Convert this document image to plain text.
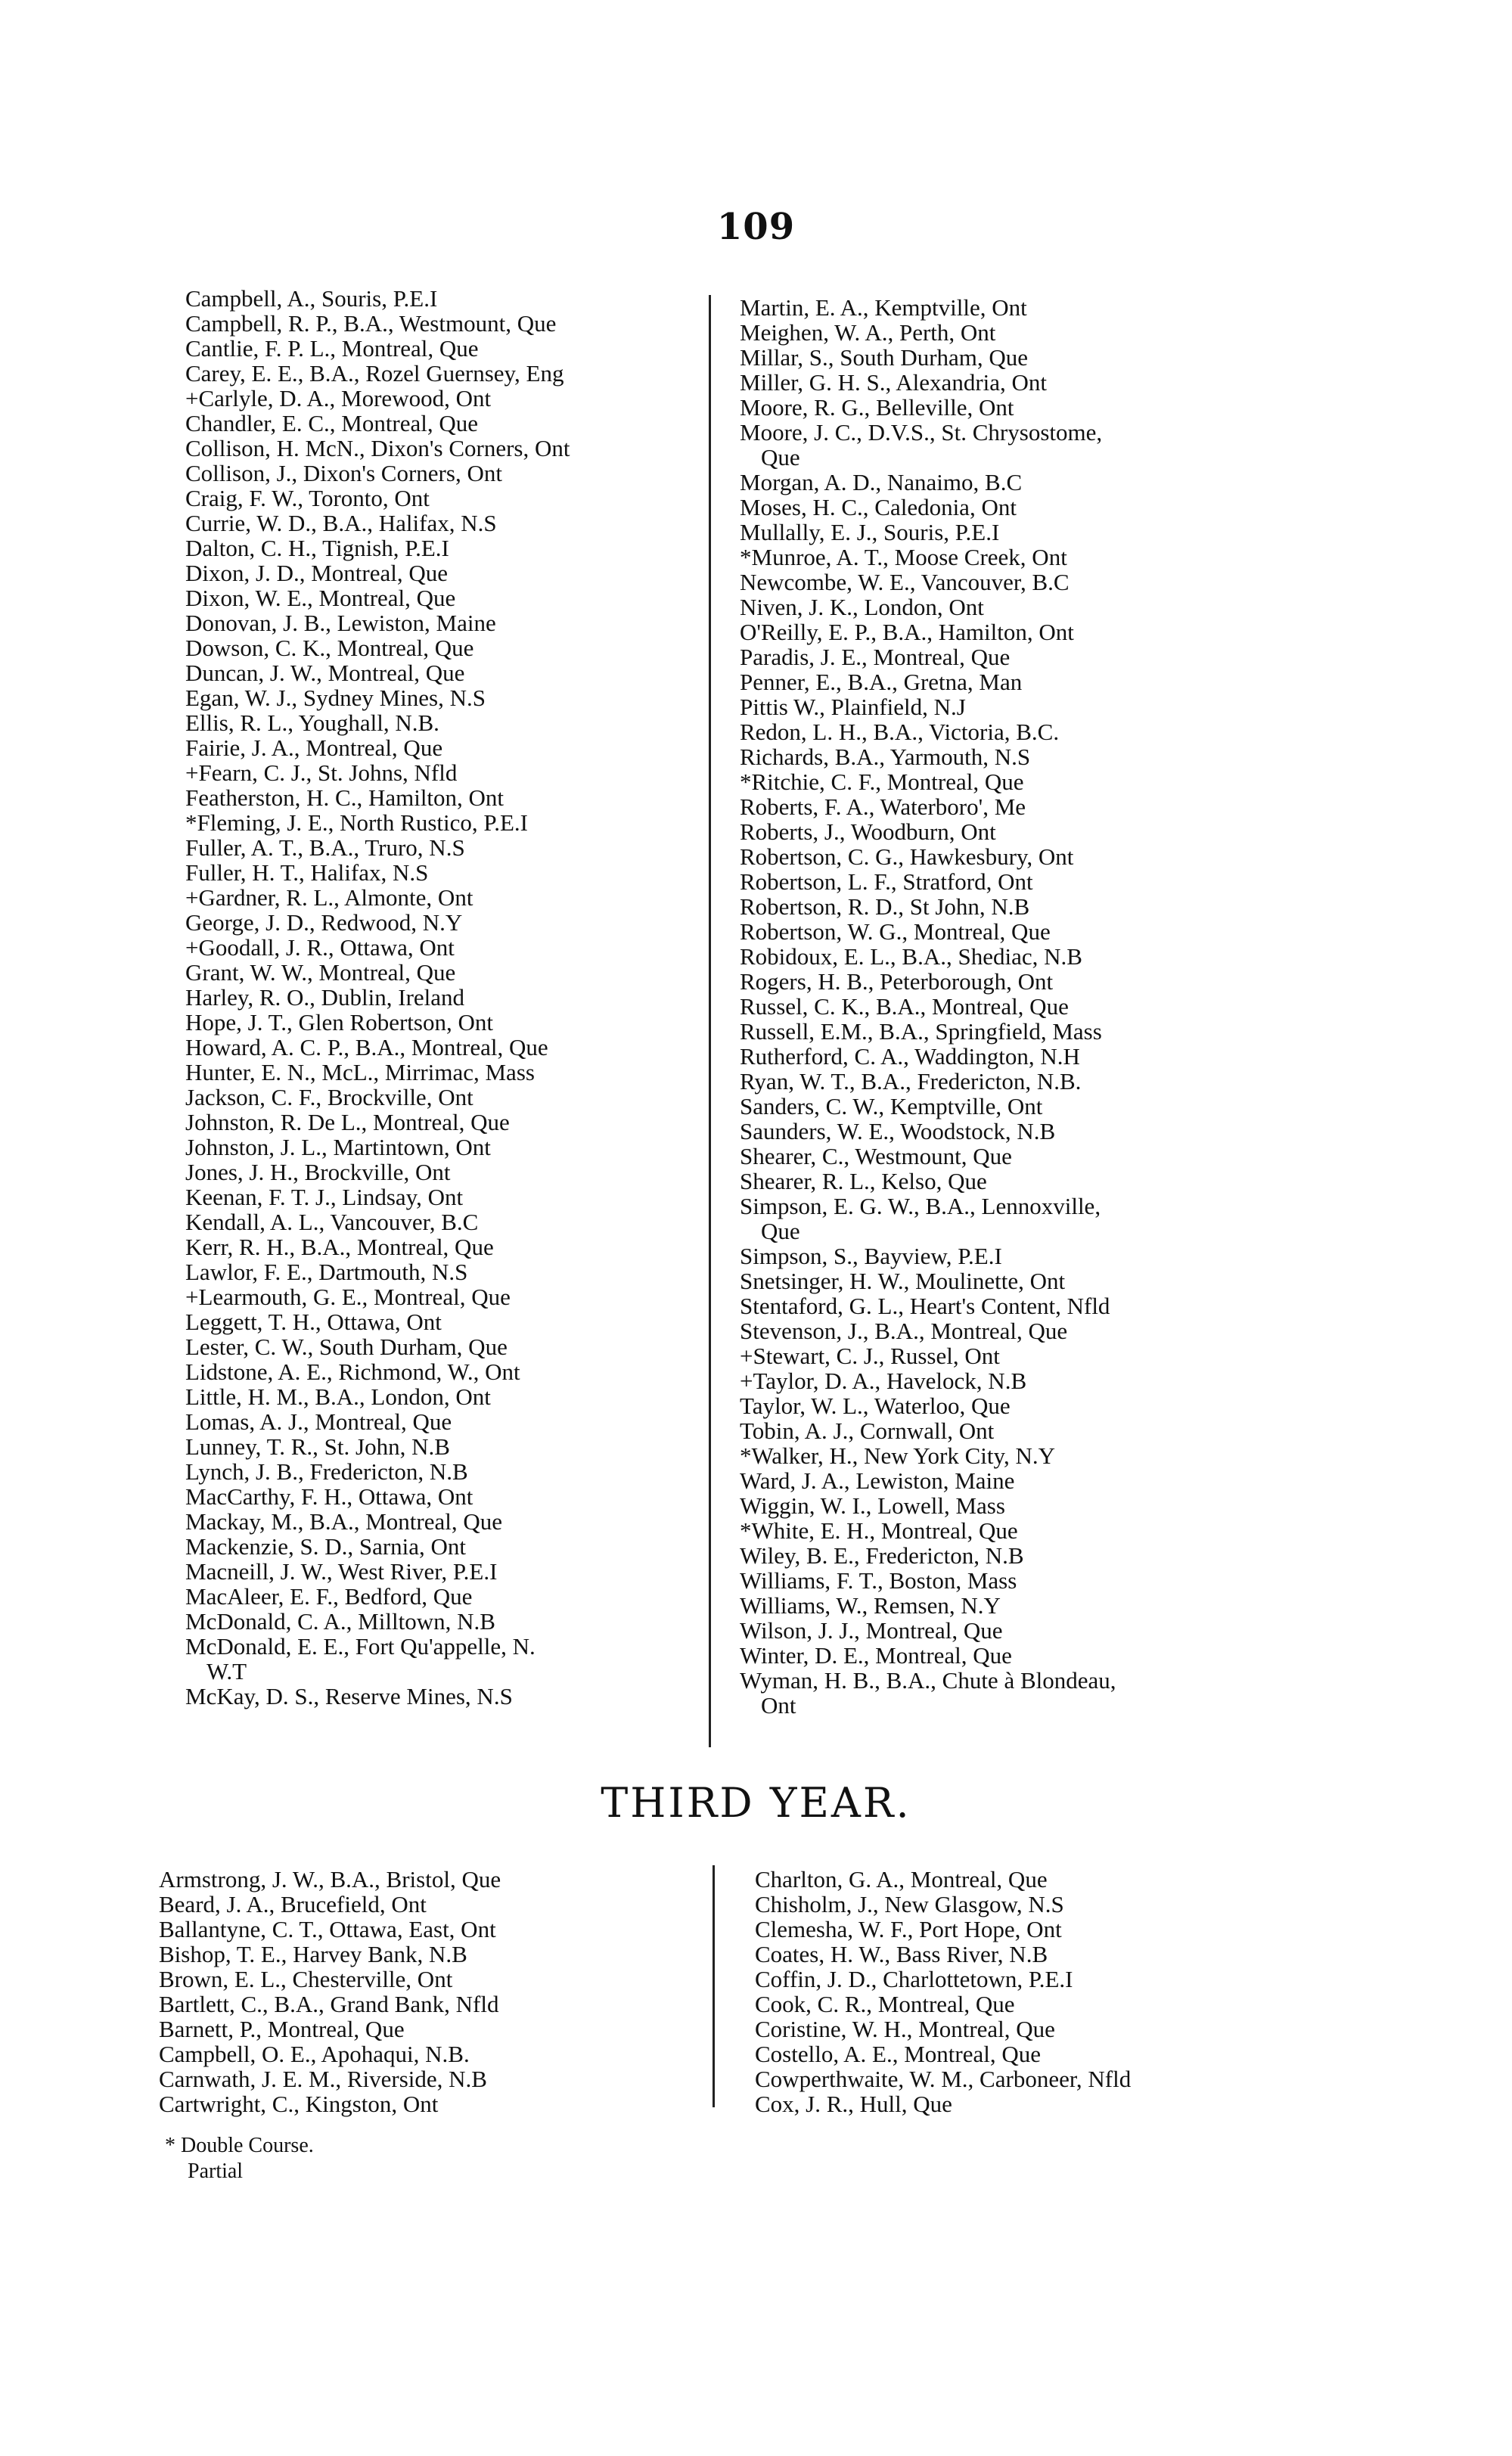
109
Campbell, A., Souris, P.E.I
Campbell, R. P., B.A., Westmount, Que
Cantlie, F. P. L., Montreal, Que
Carey, E. E., B.A., Rozel Guernsey, Eng
+Carlyle, D. A., Morewood, Ont
Chandler, E. C., Montreal, Que
Collison, H. McN., Dixon's Corners, Ont
Collison, J., Dixon's Corners, Ont
Craig, F. W., Toronto, Ont
Currie, W. D., B.A., Halifax, N.S
Dalton, C. H., Tignish, P.E.I
Dixon, J. D., Montreal, Que
Dixon, W. E., Montreal, Que
Donovan, J. B., Lewiston, Maine
Dowson, C. K., Montreal, Que
Duncan, J. W., Montreal, Que
Egan, W. J., Sydney Mines, N.S
Ellis, R. L., Youghall, N.B.
Fairie, J. A., Montreal, Que
+Fearn, C. J., St. Johns, Nfld
Featherston, H. C., Hamilton, Ont
*Fleming, J. E., North Rustico, P.E.I
Fuller, A. T., B.A., Truro, N.S
Fuller, H. T., Halifax, N.S
+Gardner, R. L., Almonte, Ont
George, J. D., Redwood, N.Y
+Goodall, J. R., Ottawa, Ont
Grant, W. W., Montreal, Que
Harley, R. O., Dublin, Ireland
Hope, J. T., Glen Robertson, Ont
Howard, A. C. P., B.A., Montreal, Que
Hunter, E. N., McL., Mirrimac, Mass
Jackson, C. F., Brockville, Ont
Johnston, R. De L., Montreal, Que
Johnston, J. L., Martintown, Ont
Jones, J. H., Brockville, Ont
Keenan, F. T. J., Lindsay, Ont
Kendall, A. L., Vancouver, B.C
Kerr, R. H., B.A., Montreal, Que
Lawlor, F. E., Dartmouth, N.S
+Learmouth, G. E., Montreal, Que
Leggett, T. H., Ottawa, Ont
Lester, C. W., South Durham, Que
Lidstone, A. E., Richmond, W., Ont
Little, H. M., B.A., London, Ont
Lomas, A. J., Montreal, Que
Lunney, T. R., St. John, N.B
Lynch, J. B., Fredericton, N.B
MacCarthy, F. H., Ottawa, Ont
Mackay, M., B.A., Montreal, Que
Mackenzie, S. D., Sarnia, Ont
Macneill, J. W., West River, P.E.I
MacAleer, E. F., Bedford, Que
McDonald, C. A., Milltown, N.B
McDonald, E. E., Fort Qu'appelle, N.
W.T
McKay, D. S., Reserve Mines, N.S
Martin, E. A., Kemptville, Ont
Meighen, W. A., Perth, Ont
Millar, S., South Durham, Que
Miller, G. H. S., Alexandria, Ont
Moore, R. G., Belleville, Ont
Moore, J. C., D.V.S., St. Chrysostome,
Que
Morgan, A. D., Nanaimo, B.C
Moses, H. C., Caledonia, Ont
Mullally, E. J., Souris, P.E.I
*Munroe, A. T., Moose Creek, Ont
Newcombe, W. E., Vancouver, B.C
Niven, J. K., London, Ont
O'Reilly, E. P., B.A., Hamilton, Ont
Paradis, J. E., Montreal, Que
Penner, E., B.A., Gretna, Man
Pittis W., Plainfield, N.J
Redon, L. H., B.A., Victoria, B.C.
Richards, B.A., Yarmouth, N.S
*Ritchie, C. F., Montreal, Que
Roberts, F. A., Waterboro', Me
Roberts, J., Woodburn, Ont
Robertson, C. G., Hawkesbury, Ont
Robertson, L. F., Stratford, Ont
Robertson, R. D., St John, N.B
Robertson, W. G., Montreal, Que
Robidoux, E. L., B.A., Shediac, N.B
Rogers, H. B., Peterborough, Ont
Russel, C. K., B.A., Montreal, Que
Russell, E.M., B.A., Springfield, Mass
Rutherford, C. A., Waddington, N.H
Ryan, W. T., B.A., Fredericton, N.B.
Sanders, C. W., Kemptville, Ont
Saunders, W. E., Woodstock, N.B
Shearer, C., Westmount, Que
Shearer, R. L., Kelso, Que
Simpson, E. G. W., B.A., Lennoxville,
Que
Simpson, S., Bayview, P.E.I
Snetsinger, H. W., Moulinette, Ont
Stentaford, G. L., Heart's Content, Nfld
Stevenson, J., B.A., Montreal, Que
+Stewart, C. J., Russel, Ont
+Taylor, D. A., Havelock, N.B
Taylor, W. L., Waterloo, Que
Tobin, A. J., Cornwall, Ont
*Walker, H., New York City, N.Y
Ward, J. A., Lewiston, Maine
Wiggin, W. I., Lowell, Mass
*White, E. H., Montreal, Que
Wiley, B. E., Fredericton, N.B
Williams, F. T., Boston, Mass
Williams, W., Remsen, N.Y
Wilson, J. J., Montreal, Que
Winter, D. E., Montreal, Que
Wyman, H. B., B.A., Chute à Blondeau,
Ont
THIRD YEAR.
Armstrong, J. W., B.A., Bristol, Que
Beard, J. A., Brucefield, Ont
Ballantyne, C. T., Ottawa, East, Ont
Bishop, T. E., Harvey Bank, N.B
Brown, E. L., Chesterville, Ont
Bartlett, C., B.A., Grand Bank, Nfld
Barnett, P., Montreal, Que
Campbell, O. E., Apohaqui, N.B.
Carnwath, J. E. M., Riverside, N.B
Cartwright, C., Kingston, Ont
Charlton, G. A., Montreal, Que
Chisholm, J., New Glasgow, N.S
Clemesha, W. F., Port Hope, Ont
Coates, H. W., Bass River, N.B
Coffin, J. D., Charlottetown, P.E.I
Cook, C. R., Montreal, Que
Coristine, W. H., Montreal, Que
Costello, A. E., Montreal, Que
Cowperthwaite, W. M., Carboneer, Nfld
Cox, J. R., Hull, Que
* Double Course.
Partial
